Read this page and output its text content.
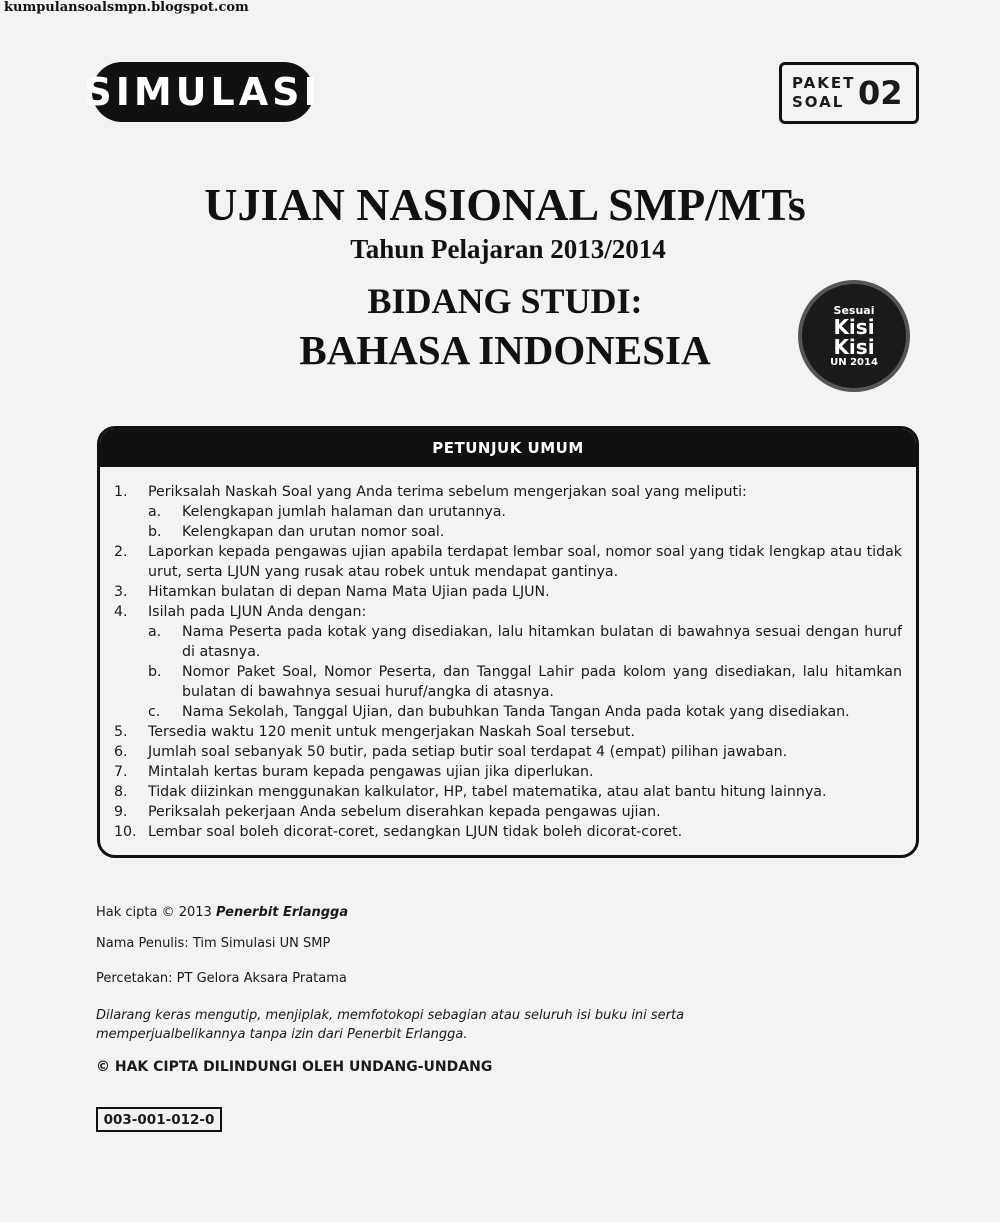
kumpulansoalsmpn.blogspot.com
SIMULASI	PAKET
SOAL 02
UJIAN NASIONAL SMP/MTs
Tahun Pelajaran 2013/2014
BIDANG STUDI:
BAHASA INDONESIA
Sesuai
Kisi
Kisi
UN 2014
PETUNJUK UMUM
1.	Periksalah Naskah Soal yang Anda terima sebelum mengerjakan soal yang meliputi:
a.	Kelengkapan jumlah halaman dan urutannya.
b.	Kelengkapan dan urutan nomor soal.
2.	Laporkan kepada pengawas ujian apabila terdapat lembar soal, nomor soal yang tidak lengkap atau tidak urut, serta LJUN yang rusak atau robek untuk mendapat gantinya.
3.	Hitamkan bulatan di depan Nama Mata Ujian pada LJUN.
4.	Isilah pada LJUN Anda dengan:
a.	Nama Peserta pada kotak yang disediakan, lalu hitamkan bulatan di bawahnya sesuai dengan huruf di atasnya.
b.	Nomor Paket Soal, Nomor Peserta, dan Tanggal Lahir pada kolom yang disediakan, lalu hitamkan bulatan di bawahnya sesuai huruf/angka di atasnya.
c.	Nama Sekolah, Tanggal Ujian, dan bubuhkan Tanda Tangan Anda pada kotak yang disediakan.
5.	Tersedia waktu 120 menit untuk mengerjakan Naskah Soal tersebut.
6.	Jumlah soal sebanyak 50 butir, pada setiap butir soal terdapat 4 (empat) pilihan jawaban.
7.	Mintalah kertas buram kepada pengawas ujian jika diperlukan.
8.	Tidak diizinkan menggunakan kalkulator, HP, tabel matematika, atau alat bantu hitung lainnya.
9.	Periksalah pekerjaan Anda sebelum diserahkan kepada pengawas ujian.
10. Lembar soal boleh dicorat-coret, sedangkan LJUN tidak boleh dicorat-coret.
Hak cipta © 2013 Penerbit Erlangga
Nama Penulis: Tim Simulasi UN SMP
Percetakan: PT Gelora Aksara Pratama
Dilarang keras mengutip, menjiplak, memfotokopi sebagian atau seluruh isi buku ini serta memperjualbelikannya tanpa izin dari Penerbit Erlangga.
© HAK CIPTA DILINDUNGI OLEH UNDANG-UNDANG
003-001-012-0
